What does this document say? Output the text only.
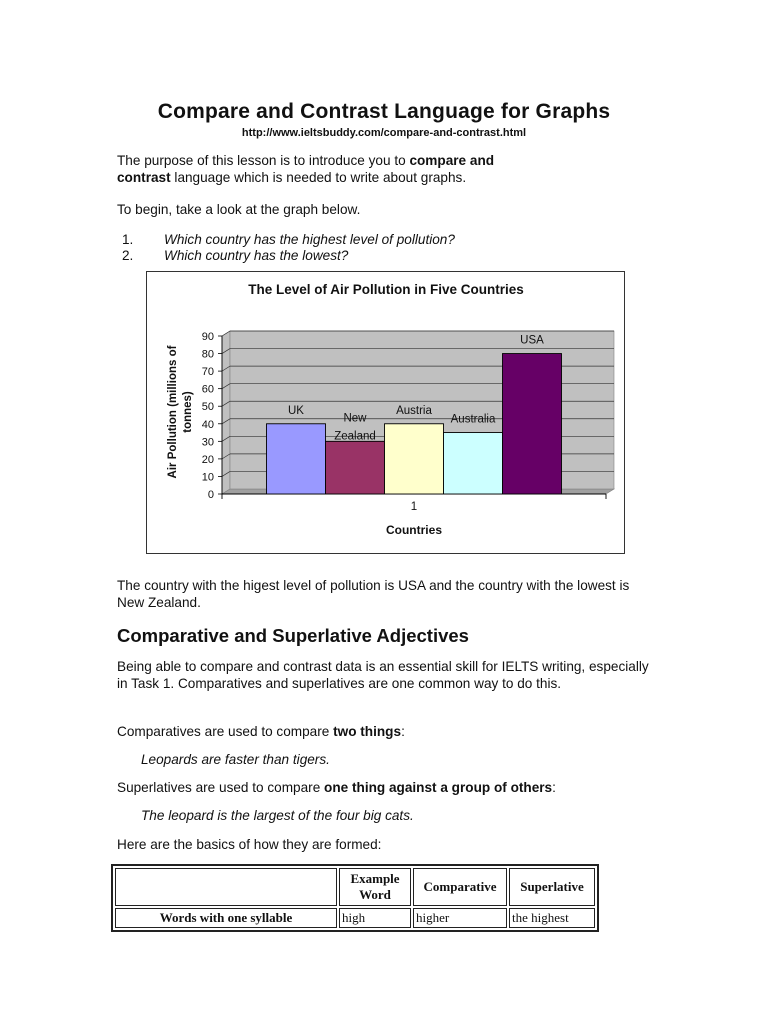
Compare and Contrast Language for Graphs
http://www.ieltsbuddy.com/compare-and-contrast.html

The purpose of this lesson is to introduce you to compare and
contrast language which is needed to write about graphs.

To begin, take a look at the graph below.

1. Which country has the highest level of pollution?
2. Which country has the lowest?
The Level of Air Pollution in Five Countries
0
10
20
30
40
50
60
70
80
90
UK
New Zealand
Austria
Australia
USA
1
Countries
Air Pollution (millions of tonnes)

The country with the higest level of pollution is USA and the country with the lowest is New Zealand.

Comparative and Superlative Adjectives

Being able to compare and contrast data is an essential skill for IELTS writing, especially in Task 1. Comparatives and superlatives are one common way to do this.

Comparatives are used to compare two things:

Leopards are faster than tigers.

Superlatives are used to compare one thing against a group of others:

The leopard is the largest of the four big cats.

Here are the basics of how they are formed:

	Example Word	Comparative	Superlative
Words with one syllable	high	higher	the highest
